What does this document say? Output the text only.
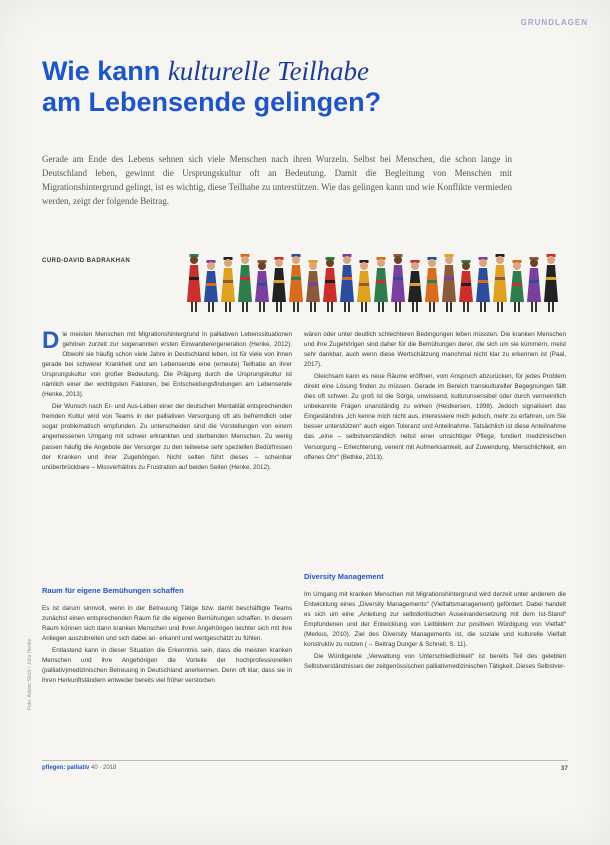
GRUNDLAGEN
Wie kann kulturelle Teilhabe
am Lebensende gelingen?
Gerade am Ende des Lebens sehnen sich viele Menschen nach ihren Wurzeln. Selbst bei Menschen, die schon lange in Deutschland leben, gewinnt die Ursprungskultur oft an Bedeutung. Damit die Begleitung von Menschen mit Migrationshintergrund gelingt, ist es wichtig, diese Teilhabe zu unterstützen. Wie das gelingen kann und wie Konflikte vermieden werden, zeigt der folgende Beitrag.
CURD-DAVID BADRAKHAN

Die meisten Menschen mit Migrationshintergrund in palliativen Lebenssituationen gehören zurzeit zur sogenannten ersten Einwanderergeneration (Henke, 2012). Obwohl sie häufig schon viele Jahre in Deutschland leben, ist für viele von ihnen gerade bei schwerer Krankheit und am Lebensende eine (erneute) Teilhabe an ihrer Ursprungskultur von großer Bedeutung. Die Prägung durch die Ursprungskultur ist nämlich einer der wichtigsten Faktoren, bei Entscheidungsfindungen am Lebensende (Henke, 2013).

Der Wunsch nach Er- und Aus-Leben einer der deutschen Mentalität entsprechenden fremden Kultur wird von Teams in der palliativen Versorgung oft als befremdlich oder sogar problematisch empfunden. Zu unterscheiden sind die Vorstellungen von einem angemessenen Umgang mit schwer erkrankten und sterbenden Menschen. Zu wenig passen häufig die Angebote der Versorger zu den teilweise sehr speziellen Bedürfnissen der Kranken und ihrer Zugehörigen. Nicht selten führt dieses – scheinbar unüberbrückbare – Missverhältnis zu Frustration auf beiden Seiten (Henke, 2012).

Raum für eigene Bemühungen schaffen

Es ist darum sinnvoll, wenn in der Betreuung Tätige bzw. damit beschäftigte Teams zunächst einen entsprechenden Raum für die eigenen Bemühungen schaffen. In diesem Raum können sich dann kranken Menschen und ihren Angehörigen leichter sich mit ihre Anliegen auszubreiten und sich dabei an- erkannt und wertgeschätzt zu fühlen.

Entlastend kann in dieser Situation die Erkenntnis sein, dass die meisten kranken Menschen und ihre Angehörigen die Vorteile der hochprofessionellen (palliativ)medizinischen Betreuung in Deutschland anerkennen. Denn oft klar, dass sie in ihren Herkunftsländern entweder bereits viel früher verstorben

wären oder unter deutlich schlechteren Bedingungen leben müssten. Die kranken Menschen und ihre Zugehörigen sind daher für die Bemühungen derer, die sich um sie kümmern, meist sehr dankbar, auch wenn diese Wertschätzung manchmal nicht klar zu erkennen ist (Paal, 2017).

Gleichsam kann es neue Räume eröffnen, vom Anspruch abzurücken, für jedes Problem direkt eine Lösung finden zu müssen. Gerade im Bereich transkultureller Begegnungen fällt dies oft schwer. Zu groß ist die Sorge, unwissend, kulturunsensibel oder durch vermeintlich unbekannte Fragen unanständig zu wirken (Heidkersen, 1998). Jedoch signalisiert das Eingeständnis „Ich kenne mich nicht aus, interessiere mich jedoch, mehr zu erfahren, um Sie besser unterstützen“ auch eigen Toleranz und Anteilnahme. Tatsächlich ist diese Anteilnahme das „eine – selbstverständlich nebst einer umsichtiger Pflege, fundiert medizinischen Versorgung – Erleichterung, vereint mit Aufmerksamkeit, auf Zuwendung, Menschlichkeit, ein offenes Ohr“ (Bethke, 2013).

Diversity Management

Im Umgang mit kranken Menschen mit Migrationshintergrund wird derzeit unter anderem die Entwicklung eines „Diversity Managements“ (Vielfaltsmanagement) gefördert. Dabei handelt es sich um eine „Anleitung zur selbstkritischen Auseinandersetzung mit dem Ist-Stand“ Empfundenen und der Entwicklung von Leitbildern zur positiven Würdigung von Vielfalt“ (Merkus, 2010). Ziel des Diversity Managements ist, die soziale und kulturelle Vielfalt konstruktiv zu nutzen (→ Beitrag Dunger & Schnell, S. 11).

Die Würdigende „Verwaltung von Unterschiedlichkeit“ ist bereits Teil des gelebten Selbstverständnisses der zeitgenössischen palliativmedizinischen Tätigkeit. Dieses Selbstver-

Foto: Adobe Stock / Julia Henke
pflegen: palliativ 40 · 2018	37
